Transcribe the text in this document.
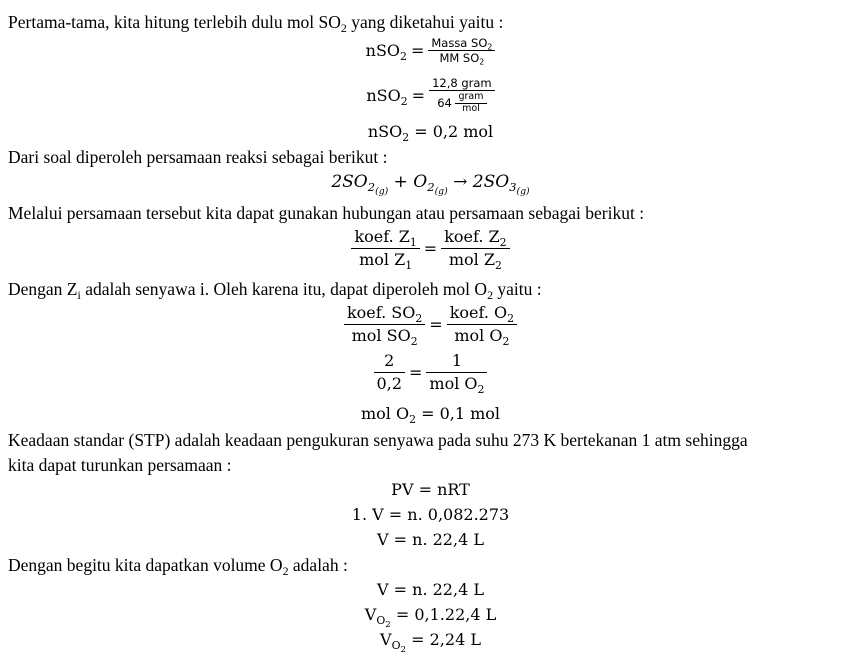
Pertama-tama, kita hitung terlebih dulu mol $SO_2$ yang diketahui yaitu :
$nSO_2 = \frac{Massa SO_2}{MM SO_2}$
$nSO_2 = \frac{\text{12,8 gram}}{64 \frac{\text{gram}}{\text{mol}}}$
nSO$_2$ = 0,2 mol
Dari soal diperoleh persamaan reaksi sebagai berikut :
$2SO_{2_{(g)}} + O_{2_{(g)}} \to 2SO_{3_{(g)}}$
Melalui persamaan tersebut kita dapat gunakan hubungan atau persamaan sebagai berikut :
$\frac{koef. Z_1}{mol Z_1} = \frac{koef. Z_2}{mol Z_2}$
Dengan $Z_i$ adalah senyawa i. Oleh karena itu, dapat diperoleh mol $O_2$ yaitu :
$\frac{koef. SO_2}{mol SO_2} = \frac{koef. O_2}{mol O_2}$
$\frac{2}{0,2} = \frac{1}{mol O_2}$
mol $O_2 = 0,1$ mol
Keadaan standar (STP) adalah keadaan pengukuran senyawa pada suhu 273 K bertekanan 1 atm sehingga
kita dapat turunkan persamaan :
PV = nRT
1. V = n. 0,082.273
V = n. 22,4 L
Dengan begitu kita dapatkan volume $O_2$ adalah :
V = n. 22,4 L
$V_{O_2} = 0,1.22,4$ L
$V_{O_2} = 2,24$ L
